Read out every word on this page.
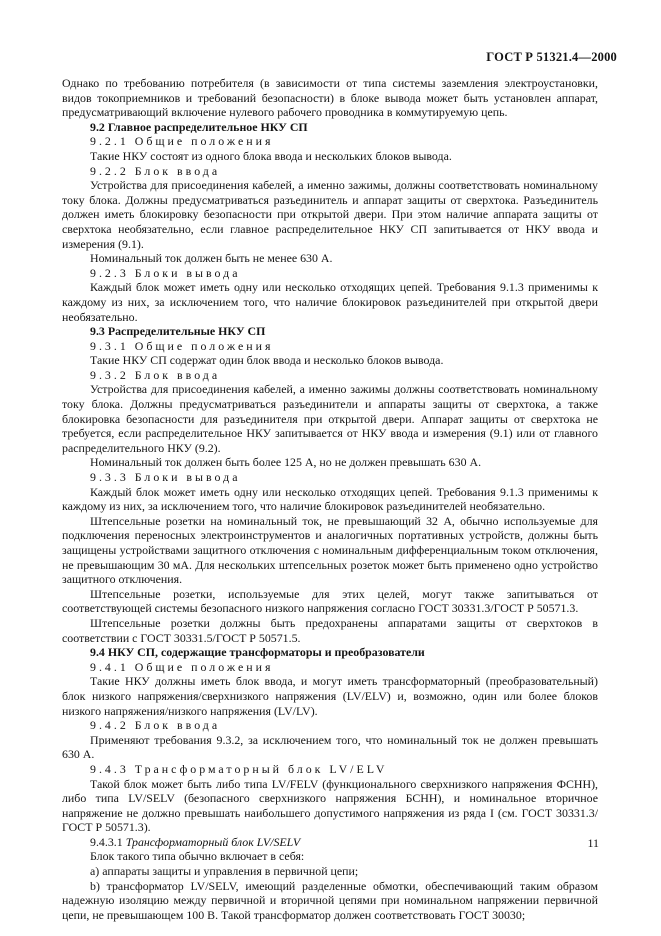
ГОСТ Р 51321.4—2000

Однако по требованию потребителя (в зависимости от типа системы заземления электроустановки, видов токоприемников и требований безопасности) в блоке вывода может быть установлен аппарат, предусматривающий включение нулевого рабочего проводника в коммутируемую цепь.

9.2 Главное распределительное НКУ СП

9.2.1 Общие положения

Такие НКУ состоят из одного блока ввода и нескольких блоков вывода.

9.2.2 Блок ввода

Устройства для присоединения кабелей, а именно зажимы, должны соответствовать номинальному току блока. Должны предусматриваться разъединитель и аппарат защиты от сверхтока. Разъединитель должен иметь блокировку безопасности при открытой двери. При этом наличие аппарата защиты от сверхтока необязательно, если главное распределительное НКУ СП запитывается от НКУ ввода и измерения (9.1).

Номинальный ток должен быть не менее 630 А.

9.2.3 Блоки вывода

Каждый блок может иметь одну или несколько отходящих цепей. Требования 9.1.3 применимы к каждому из них, за исключением того, что наличие блокировок разъединителей при открытой двери необязательно.

9.3 Распределительные НКУ СП

9.3.1 Общие положения

Такие НКУ СП содержат один блок ввода и несколько блоков вывода.

9.3.2 Блок ввода

Устройства для присоединения кабелей, а именно зажимы должны соответствовать номинальному току блока. Должны предусматриваться разъединители и аппараты защиты от сверхтока, а также блокировка безопасности для разъединителя при открытой двери. Аппарат защиты от сверхтока не требуется, если распределительное НКУ запитывается от НКУ ввода и измерения (9.1) или от главного распределительного НКУ (9.2).

Номинальный ток должен быть более 125 А, но не должен превышать 630 А.

9.3.3 Блоки вывода

Каждый блок может иметь одну или несколько отходящих цепей. Требования 9.1.3 применимы к каждому из них, за исключением того, что наличие блокировок разъединителей необязательно.

Штепсельные розетки на номинальный ток, не превышающий 32 А, обычно используемые для подключения переносных электроинструментов и аналогичных портативных устройств, должны быть защищены устройствами защитного отключения с номинальным дифференциальным током отключения, не превышающим 30 мА. Для нескольких штепсельных розеток может быть применено одно устройство защитного отключения.

Штепсельные розетки, используемые для этих целей, могут также запитываться от соответствующей системы безопасного низкого напряжения согласно ГОСТ 30331.3/ГОСТ Р 50571.3.

Штепсельные розетки должны быть предохранены аппаратами защиты от сверхтоков в соответствии с ГОСТ 30331.5/ГОСТ Р 50571.5.

9.4 НКУ СП, содержащие трансформаторы и преобразователи

9.4.1 Общие положения

Такие НКУ должны иметь блок ввода, и могут иметь трансформаторный (преобразовательный) блок низкого напряжения/сверхнизкого напряжения (LV/ELV) и, возможно, один или более блоков низкого напряжения/низкого напряжения (LV/LV).

9.4.2 Блок ввода

Применяют требования 9.3.2, за исключением того, что номинальный ток не должен превышать 630 А.

9.4.3 Трансформаторный блок LV/ELV

Такой блок может быть либо типа LV/FELV (функционального сверхнизкого напряжения ФСНН), либо типа LV/SELV (безопасного сверхнизкого напряжения БСНН), и номинальное вторичное напряжение не должно превышать наибольшего допустимого напряжения из ряда I (см. ГОСТ 30331.3/ГОСТ Р 50571.3).

9.4.3.1 Трансформаторный блок LV/SELV

Блок такого типа обычно включает в себя:

а) аппараты защиты и управления в первичной цепи;

b) трансформатор LV/SELV, имеющий разделенные обмотки, обеспечивающий таким образом надежную изоляцию между первичной и вторичной цепями при номинальном напряжении первичной цепи, не превышающем 100 В. Такой трансформатор должен соответствовать ГОСТ 30030;

11
